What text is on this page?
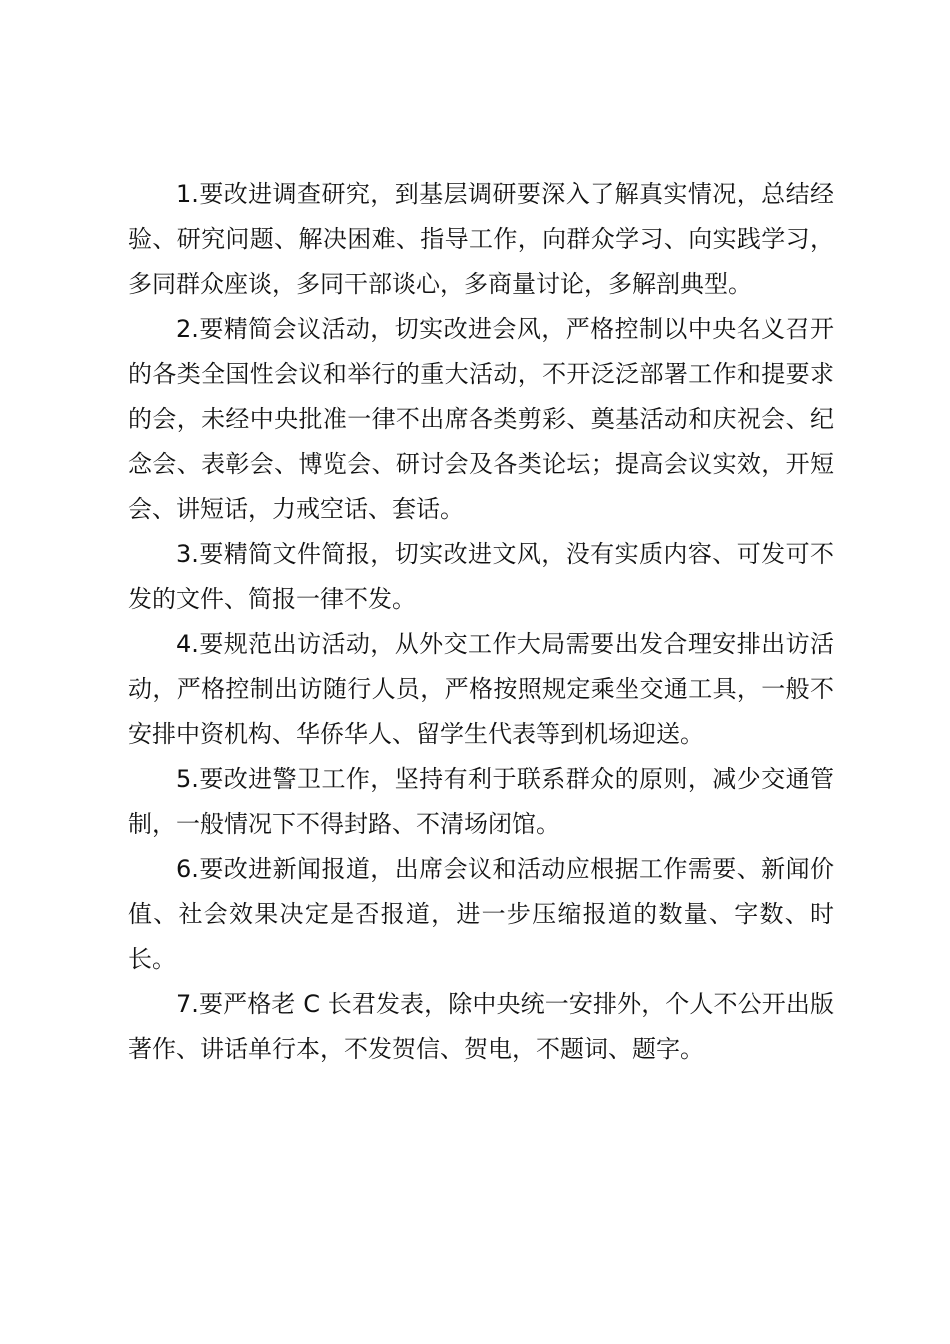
1.要改进调查研究，到基层调研要深入了解真实情况，总结经验、研究问题、解决困难、指导工作，向群众学习、向实践学习，多同群众座谈，多同干部谈心，多商量讨论，多解剖典型。

2.要精简会议活动，切实改进会风，严格控制以中央名义召开的各类全国性会议和举行的重大活动，不开泛泛部署工作和提要求的会，未经中央批准一律不出席各类剪彩、奠基活动和庆祝会、纪念会、表彰会、博览会、研讨会及各类论坛；提高会议实效，开短会、讲短话，力戒空话、套话。

3.要精简文件简报，切实改进文风，没有实质内容、可发可不发的文件、简报一律不发。

4.要规范出访活动，从外交工作大局需要出发合理安排出访活动，严格控制出访随行人员，严格按照规定乘坐交通工具，一般不安排中资机构、华侨华人、留学生代表等到机场迎送。

5.要改进警卫工作，坚持有利于联系群众的原则，减少交通管制，一般情况下不得封路、不清场闭馆。

6.要改进新闻报道，出席会议和活动应根据工作需要、新闻价值、社会效果决定是否报道，进一步压缩报道的数量、字数、时长。

7.要严格老 C 长君发表，除中央统一安排外，个人不公开出版著作、讲话单行本，不发贺信、贺电，不题词、题字。
